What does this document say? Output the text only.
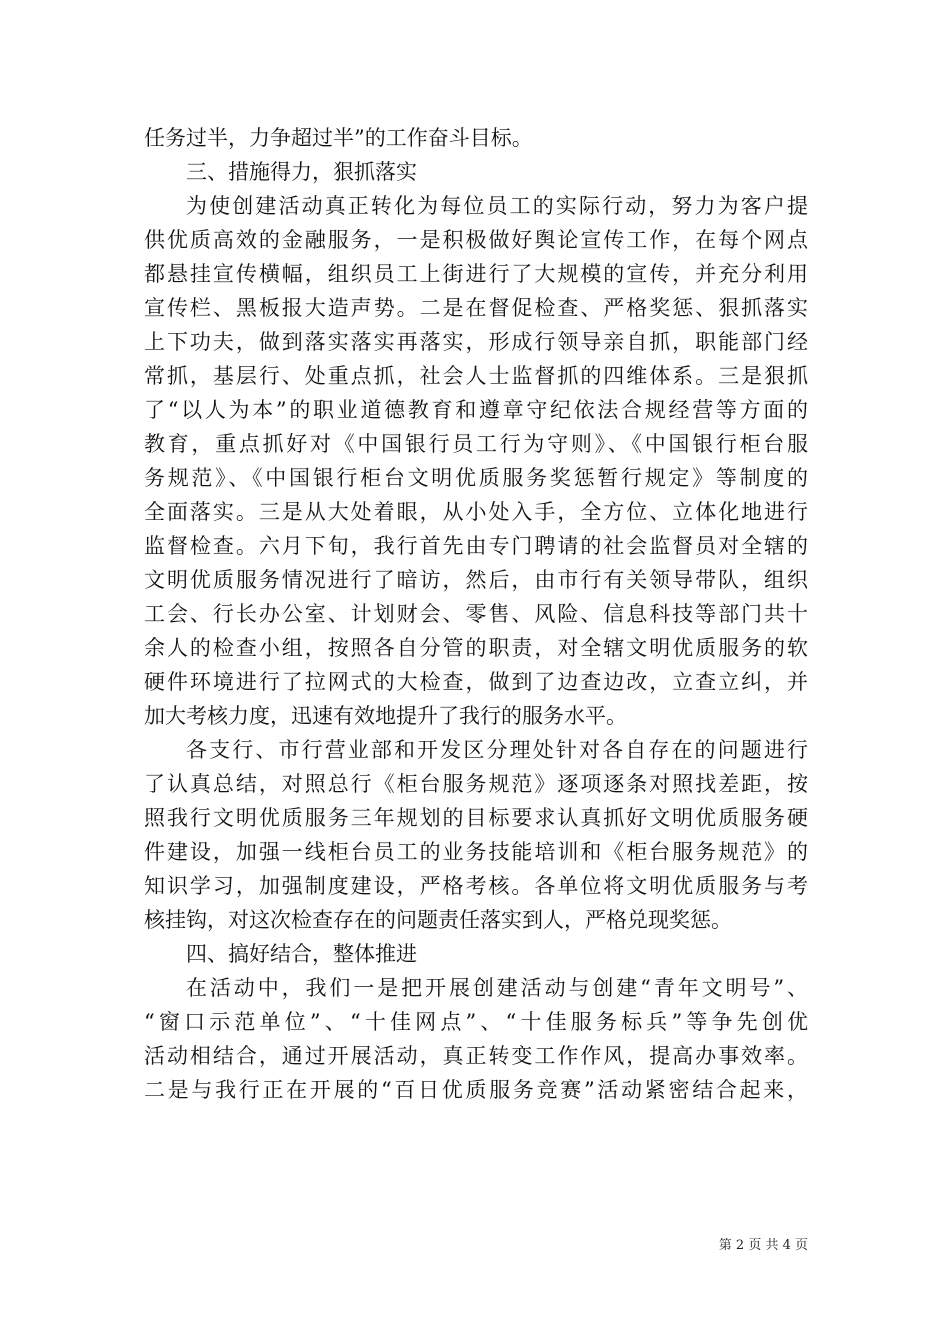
任务过半，力争超过半”的工作奋斗目标。
三、措施得力，狠抓落实
为使创建活动真正转化为每位员工的实际行动，努力为客户提
供优质高效的金融服务，一是积极做好舆论宣传工作，在每个网点
都悬挂宣传横幅，组织员工上街进行了大规模的宣传，并充分利用
宣传栏、黑板报大造声势。二是在督促检查、严格奖惩、狠抓落实
上下功夫，做到落实落实再落实，形成行领导亲自抓，职能部门经
常抓，基层行、处重点抓，社会人士监督抓的四维体系。三是狠抓
了“以人为本”的职业道德教育和遵章守纪依法合规经营等方面的
教育，重点抓好对《中国银行员工行为守则》、《中国银行柜台服
务规范》、《中国银行柜台文明优质服务奖惩暂行规定》等制度的
全面落实。三是从大处着眼，从小处入手，全方位、立体化地进行
监督检查。六月下旬，我行首先由专门聘请的社会监督员对全辖的
文明优质服务情况进行了暗访，然后，由市行有关领导带队，组织
工会、行长办公室、计划财会、零售、风险、信息科技等部门共十
余人的检查小组，按照各自分管的职责，对全辖文明优质服务的软
硬件环境进行了拉网式的大检查，做到了边查边改，立查立纠，并
加大考核力度，迅速有效地提升了我行的服务水平。
各支行、市行营业部和开发区分理处针对各自存在的问题进行
了认真总结，对照总行《柜台服务规范》逐项逐条对照找差距，按
照我行文明优质服务三年规划的目标要求认真抓好文明优质服务硬
件建设，加强一线柜台员工的业务技能培训和《柜台服务规范》的
知识学习，加强制度建设，严格考核。各单位将文明优质服务与考
核挂钩，对这次检查存在的问题责任落实到人，严格兑现奖惩。
四、搞好结合，整体推进
在活动中，我们一是把开展创建活动与创建“青年文明号”、
“窗口示范单位”、“十佳网点”、“十佳服务标兵”等争先创优
活动相结合，通过开展活动，真正转变工作作风，提高办事效率。
二是与我行正在开展的“百日优质服务竞赛”活动紧密结合起来，
第 2 页 共 4 页
